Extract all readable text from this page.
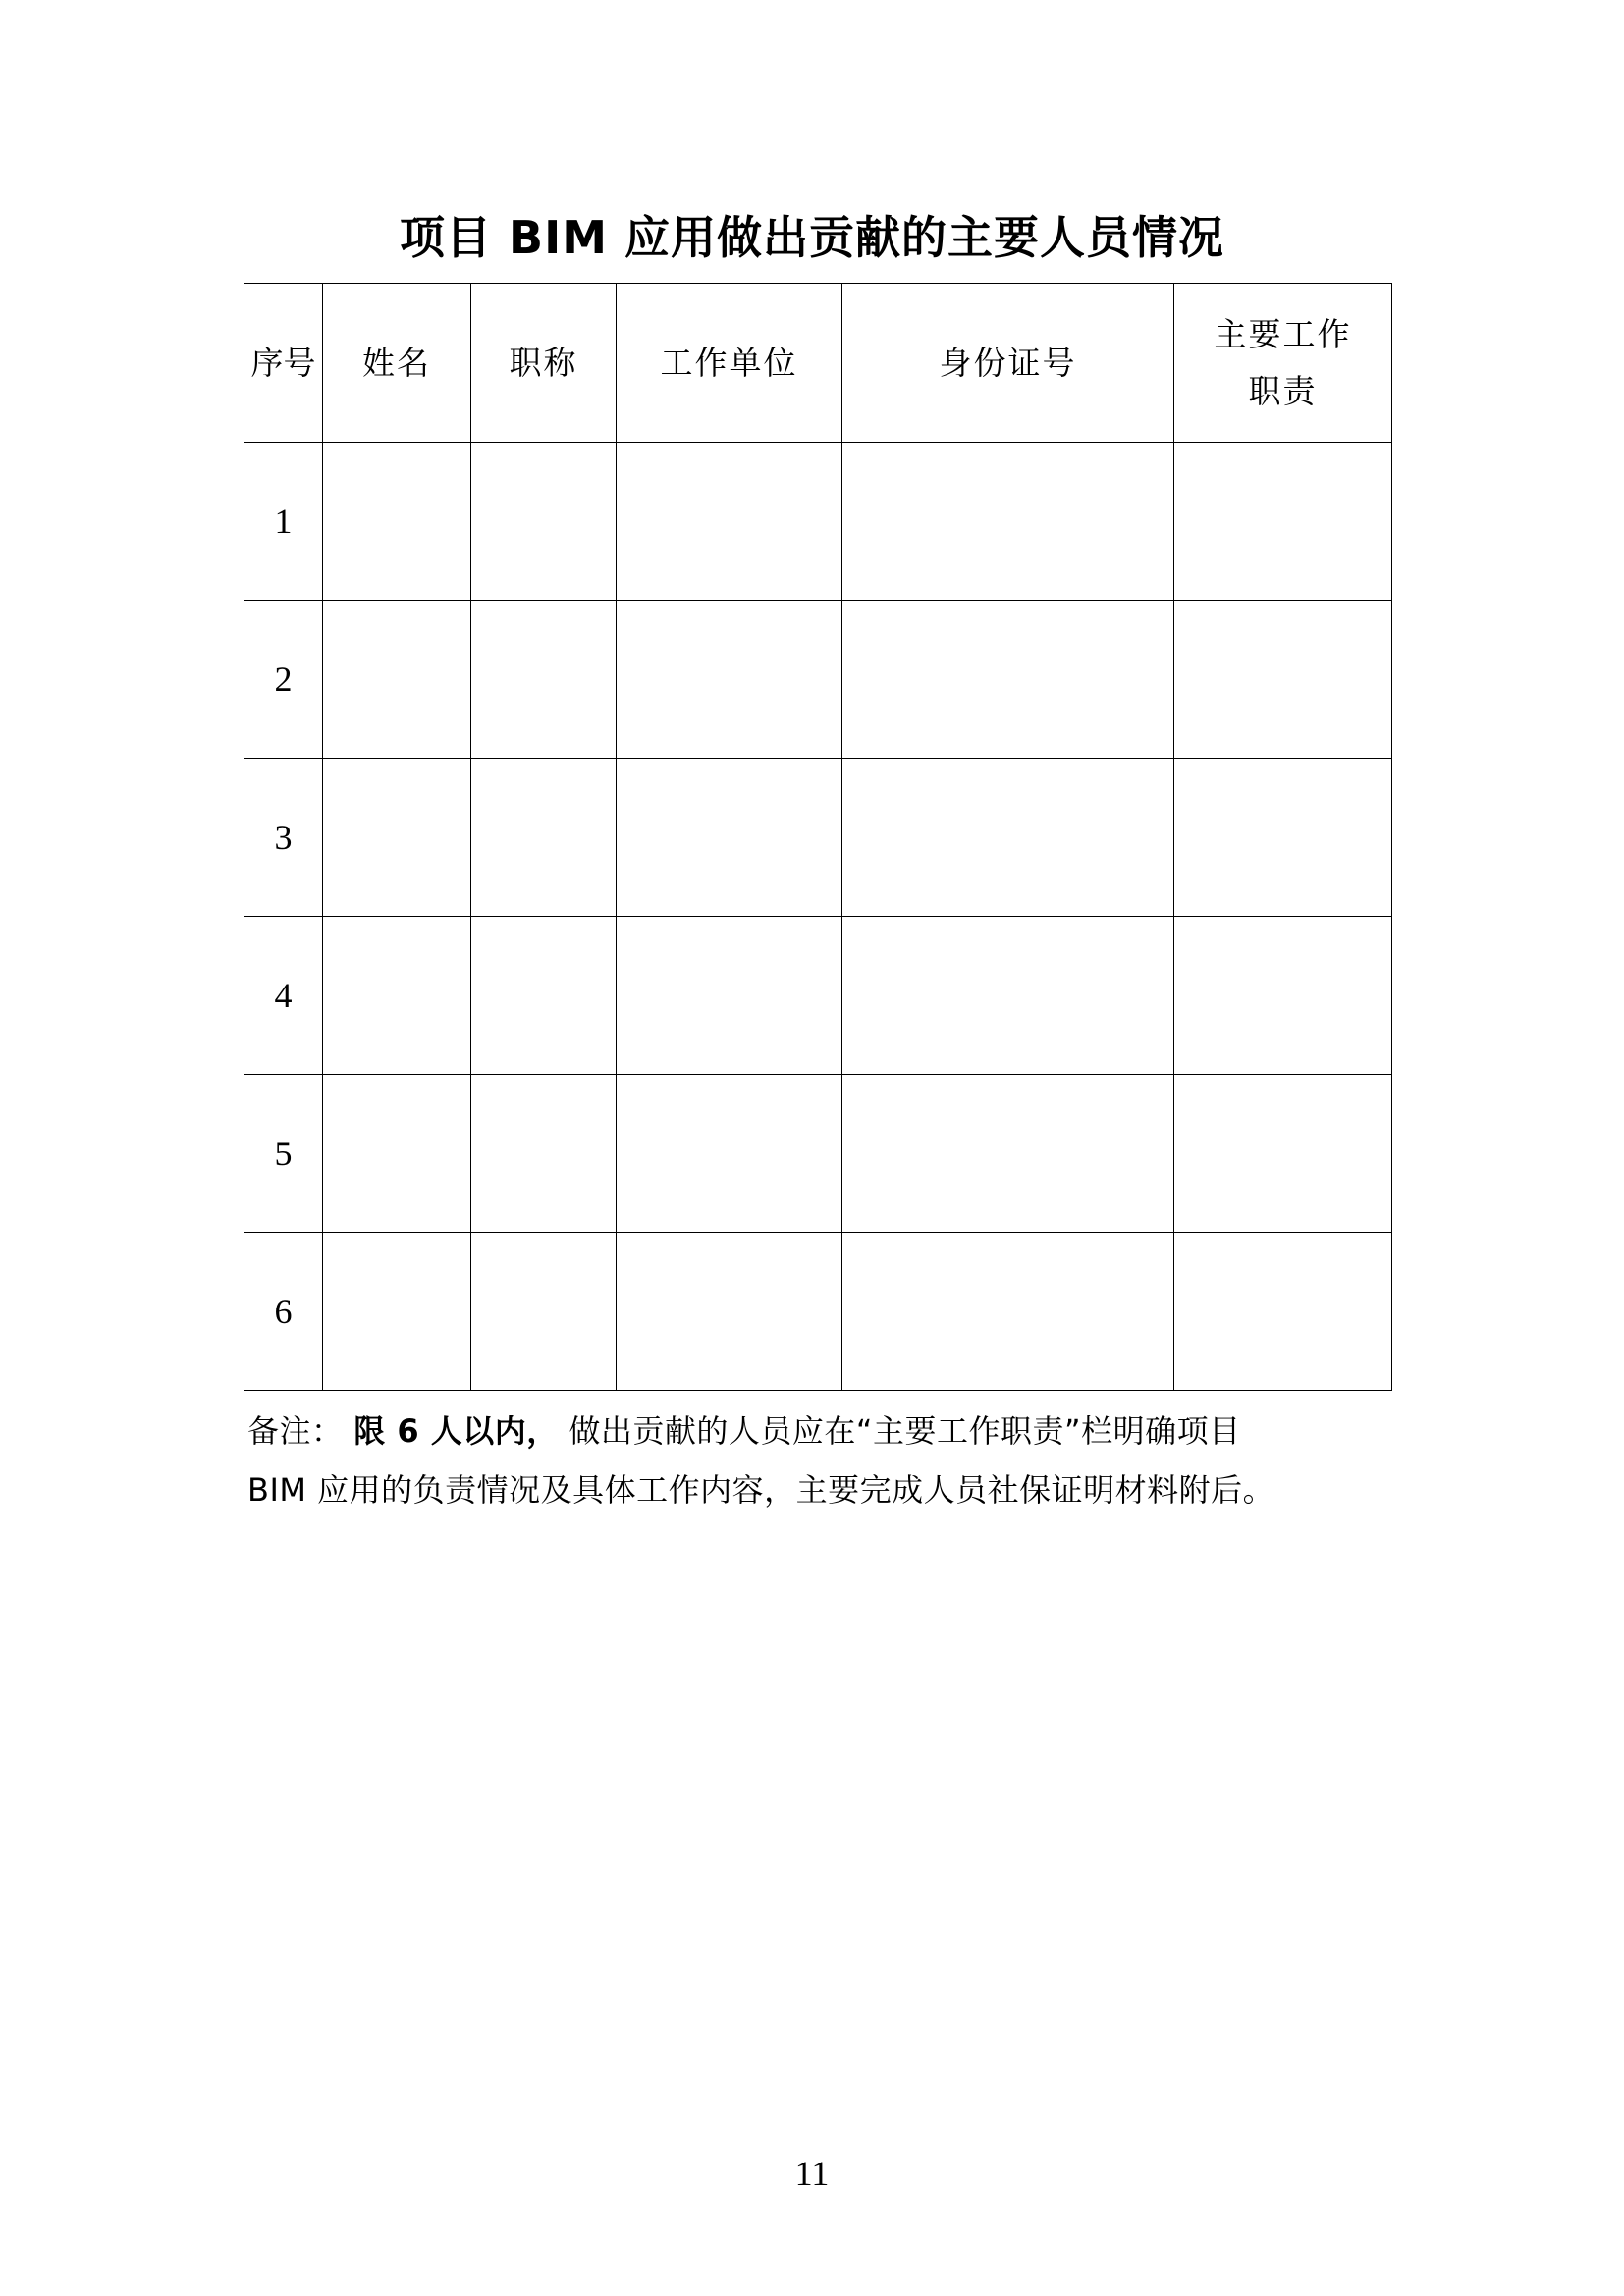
项目 BIM 应用做出贡献的主要人员情况
序号	姓名	职称	工作单位	身份证号	主要工作
职责
1					
2					
3					
4					
5					
6					
备注： 限 6 人以内， 做出贡献的人员应在“主要工作职责”栏明确项目
BIM 应用的负责情况及具体工作内容，主要完成人员社保证明材料附后。
11
